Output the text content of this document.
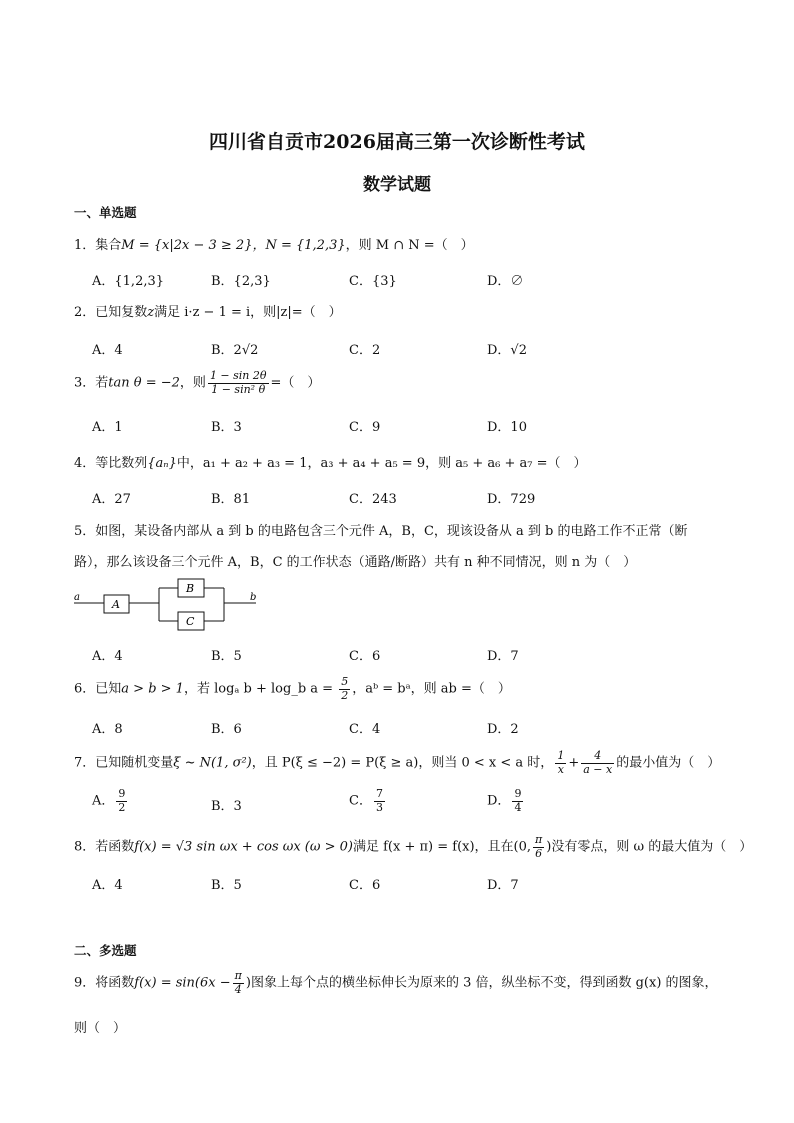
四川省自贡市2026届高三第一次诊断性考试
数学试题
一、单选题
1．集合M = {x|2x − 3 ≥ 2}，N = {1,2,3}，则 M ∩ N =（　）
A．{1,2,3}	B．{2,3}	C．{3}	D．∅
2．已知复数z满足 i·z − 1 = i，则|z|=（　）
A．4	B．2√2	C．2	D．√2
3．若tan θ = −2，则 $\frac{1 - \sin 2\theta}{\text{1 − sin² θ}}$ =（　）
A．1	B．3	C．9	D．10
4．等比数列{aₙ}中，a₁ + a₂ + a₃ = 1，a₃ + a₄ + a₅ = 9，则 a₅ + a₆ + a₇ =（　）
A．27	B．81	C．243	D．729
5．如图，某设备内部从 a 到 b 的电路包含三个元件 A，B，C，现该设备从 a 到 b 的电路工作不正常（断
路），那么该设备三个元件 A，B，C 的工作状态（通路/断路）共有 n 种不同情况，则 n 为（　）
a
A
B
C
b
A．4	B．5	C．6	D．7
6．已知a > b > 1，若 logₐ b + log_b $a = \frac{5}{2}$ ，aᵇ = bᵃ，则 ab =（　）
A．8	B．6	C．4	D．2
7．已知随机变量ξ ~ N(1, σ²)，且 P(ξ ≤ −2) = P(ξ ≥ a)，则当 0 < x < a 时， $\frac{1}{x} + \frac{4}{a - x}$ 的最小值为（　）
A． $\frac{9}{2}$	B．3	C． $\frac{7}{3}$	D． $\frac{9}{4}$
8．若函数f(x) = √3 sin ωx + cos ωx (ω > 0)满足 f(x + π) = f(x)，且在(0, $\frac{\pi}{6}$ )没有零点，则 ω 的最大值为（　）
A．4	B．5	C．6	D．7
二、多选题
9．将函数$f(x) = \sin(6x - \frac{\pi}{4}$ )图象上每个点的横坐标伸长为原来的 3 倍，纵坐标不变，得到函数 g(x) 的图象，
则（　）
